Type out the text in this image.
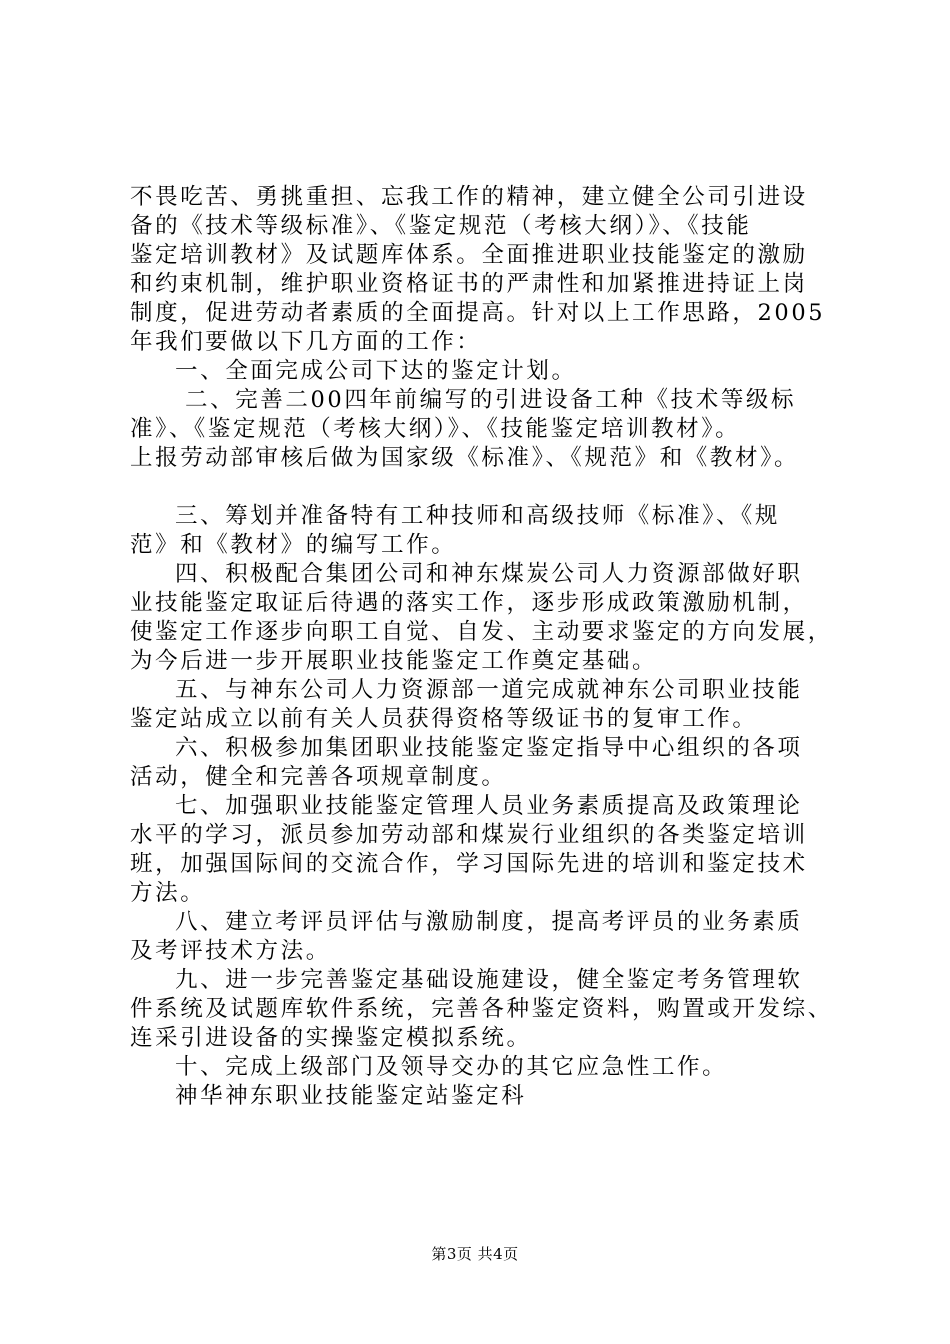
不畏吃苦、勇挑重担、忘我工作的精神，建立健全公司引进设
备的《技术等级标准》、《鉴定规范（考核大纲）》、《技能
鉴定培训教材》及试题库体系。全面推进职业技能鉴定的激励
和约束机制，维护职业资格证书的严肃性和加紧推进持证上岗
制度，促进劳动者素质的全面提高。针对以上工作思路，2005
年我们要做以下几方面的工作：
一、全面完成公司下达的鉴定计划。
二、完善二00四年前编写的引进设备工种《技术等级标
准》、《鉴定规范（考核大纲）》、《技能鉴定培训教材》。
上报劳动部审核后做为国家级《标准》、《规范》和《教材》。
三、筹划并准备特有工种技师和高级技师《标准》、《规
范》和《教材》的编写工作。
四、积极配合集团公司和神东煤炭公司人力资源部做好职
业技能鉴定取证后待遇的落实工作，逐步形成政策激励机制，
使鉴定工作逐步向职工自觉、自发、主动要求鉴定的方向发展，
为今后进一步开展职业技能鉴定工作奠定基础。
五、与神东公司人力资源部一道完成就神东公司职业技能
鉴定站成立以前有关人员获得资格等级证书的复审工作。
六、积极参加集团职业技能鉴定鉴定指导中心组织的各项
活动，健全和完善各项规章制度。
七、加强职业技能鉴定管理人员业务素质提高及政策理论
水平的学习，派员参加劳动部和煤炭行业组织的各类鉴定培训
班，加强国际间的交流合作，学习国际先进的培训和鉴定技术
方法。
八、建立考评员评估与激励制度，提高考评员的业务素质
及考评技术方法。
九、进一步完善鉴定基础设施建设，健全鉴定考务管理软
件系统及试题库软件系统，完善各种鉴定资料，购置或开发综、
连采引进设备的实操鉴定模拟系统。
十、完成上级部门及领导交办的其它应急性工作。
神华神东职业技能鉴定站鉴定科
第3页 共4页
